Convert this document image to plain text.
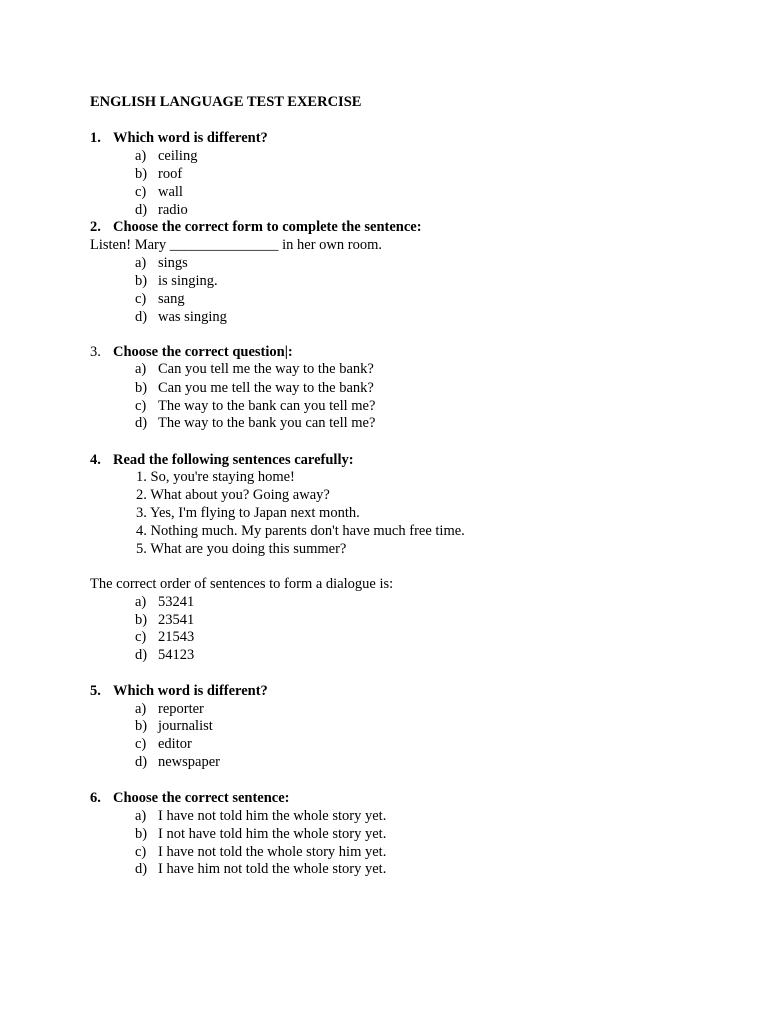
ENGLISH LANGUAGE TEST EXERCISE
1. Which word is different?
a) ceiling
b) roof
c) wall
d) radio
2. Choose the correct form to complete the sentence:
Listen! Mary _______________ in her own room.
a) sings
b) is singing.
c) sang
d) was singing
3. Choose the correct question|:
a) Can you tell me the way to the bank?
b) Can you me tell the way to the bank?
c) The way to the bank can you tell me?
d) The way to the bank you can tell me?
4. Read the following sentences carefully:
1. So, you're staying home!
2. What about you? Going away?
3. Yes, I'm flying to Japan next month.
4. Nothing much. My parents don't have much free time.
5. What are you doing this summer?
The correct order of sentences to form a dialogue is:
a) 53241
b) 23541
c) 21543
d) 54123
5. Which word is different?
a) reporter
b) journalist
c) editor
d) newspaper
6. Choose the correct sentence:
a) I have not told him the whole story yet.
b) I not have told him the whole story yet.
c) I have not told the whole story him yet.
d) I have him not told the whole story yet.
